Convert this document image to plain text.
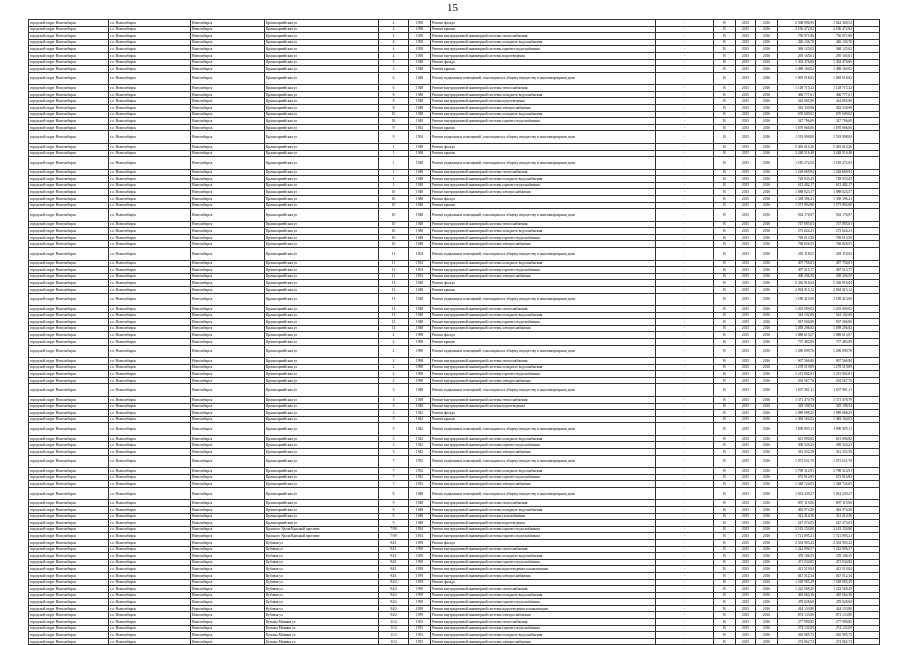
15
городской округ Новосибирск	г.о. Новосибирск	Новосибирск	Красноармейская ул	4	1958	Ремонт фасада	-	В	2015	2016	2 568 996,95	1 824 369,53	
городской округ Новосибирск	г.о. Новосибирск	Новосибирск	Красноармейская ул	4	1958	Ремонт крыши	-	В	2015	2016	2 106 472,02	2 106 472,02	
городской округ Новосибирск	г.о. Новосибирск	Новосибирск	Красноармейская ул	4	1958	Ремонт внутридомовой инженерной системы теплоснабжения	-	В	2015	2016	756 971,86	756 971,86	
городской округ Новосибирск	г.о. Новосибирск	Новосибирск	Красноармейская ул	4	1958	Ремонт внутридомовой инженерной системы холодного водоснабжения	-	В	2015	2016	426 136,76	426 136,76	
городской округ Новосибирск	г.о. Новосибирск	Новосибирск	Красноармейская ул	4	1958	Ремонт внутридомовой инженерной системы горячего водоснабжения	-	В	2015	2016	368 125,02	368 125,02	
городской округ Новосибирск	г.о. Новосибирск	Новосибирск	Красноармейская ул	4	1958	Ремонт внутридомовой инженерной системы водоотведения	-	В	2015	2016	295 165,61	295 165,61	
городской округ Новосибирск	г.о. Новосибирск	Новосибирск	Красноармейская ул	5	1948	Ремонт фасада	-	В	2015	2016	1 302 476,66	1 302 476,66	
городской округ Новосибирск	г.о. Новосибирск	Новосибирск	Красноармейская ул	5	1948	Ремонт крыши	-	В	2015	2016	1 488 164,02	1 488 164,02	
городской округ Новосибирск	г.о. Новосибирск	Новосибирск	Красноармейская ул	6	1948	Ремонт подвальных помещений, относящихся к общему имуществу в многоквартирном доме	-	В	2015	2016	1 065 518,02	1 065 518,02	
городской округ Новосибирск	г.о. Новосибирск	Новосибирск	Красноармейская ул	6	1948	Ремонт внутридомовой инженерной системы теплоснабжения	-	В	2015	2016	1 128 715,22	1 128 715,22	
городской округ Новосибирск	г.о. Новосибирск	Новосибирск	Красноармейская ул	8	1948	Ремонт внутридомовой инженерной системы холодного водоснабжения	-	В	2015	2016	466 777,61	466 777,61	
городской округ Новосибирск	г.о. Новосибирск	Новосибирск	Красноармейская ул	8	1948	Ремонт внутридомовой инженерной системы водоотведения	-	В	2015	2016	344 065,90	344 065,90	
городской округ Новосибирск	г.о. Новосибирск	Новосибирск	Красноармейская ул	8	1948	Ремонт внутридомовой инженерной системы электроснабжения	-	В	2015	2016	282 330,98	282 330,98	
городской округ Новосибирск	г.о. Новосибирск	Новосибирск	Красноармейская ул	10	1948	Ремонт внутридомовой инженерной системы холодного водоснабжения	-	В	2015	2016	670 609,02	670 609,02	
городской округ Новосибирск	г.о. Новосибирск	Новосибирск	Красноармейская ул	10	1948	Ремонт внутридомовой инженерной системы горячего водоснабжения	-	В	2015	2016	347 796,69	347 796,69	
городской округ Новосибирск	г.о. Новосибирск	Новосибирск	Красноармейская ул	9	1954	Ремонт крыши	-	В	2015	2016	1 670 066,00	1 670 066,00	
городской округ Новосибирск	г.о. Новосибирск	Новосибирск	Красноармейская ул	9	1954	Ремонт подвальных помещений, относящихся к общему имуществу в многоквартирном доме	-	В	2015	2016	1 519 998,00	1 519 998,00	
городской округ Новосибирск	г.о. Новосибирск	Новосибирск	Красноармейская ул	1	1948	Ремонт фасада	-	В	2015	2016	5 463 414,26	5 463 414,26	
городской округ Новосибирск	г.о. Новосибирск	Новосибирск	Красноармейская ул	1	1948	Ремонт крыши	-	В	2015	2016	3 248 516,48	3 248 516,48	
городской округ Новосибирск	г.о. Новосибирск	Новосибирск	Красноармейская ул	1	1948	Ремонт подвальных помещений, относящихся к общему имуществу в многоквартирном доме	-	В	2015	2016	1 185 272,03	1 185 272,03	
городской округ Новосибирск	г.о. Новосибирск	Новосибирск	Красноармейская ул	1	1948	Ремонт внутридомовой инженерной системы теплоснабжения	-	В	2015	2016	1 228 669,94	1 228 669,94	
городской округ Новосибирск	г.о. Новосибирск	Новосибирск	Красноармейская ул	1	1948	Ремонт внутридомовой инженерной системы холодного водоснабжения	-	В	2015	2016	728 033,45	728 033,45	
городской округ Новосибирск	г.о. Новосибирск	Новосибирск	Красноармейская ул	1	1948	Ремонт внутридомовой инженерной системы горячего водоснабжения	-	В	2015	2016	612 482,17	612 482,17	
городской округ Новосибирск	г.о. Новосибирск	Новосибирск	Красноармейская ул	10	1948	Ремонт внутридомовой инженерной системы электроснабжения	-	В	2015	2016	1 088 023,57	1 088 023,57	
городской округ Новосибирск	г.о. Новосибирск	Новосибирск	Красноармейская ул	10	1948	Ремонт фасада	-	В	2015	2016	1 338 396,21	1 338 396,21	
городской округ Новосибирск	г.о. Новосибирск	Новосибирск	Красноармейская ул	10	1948	Ремонт крыши	-	В	2015	2016	1 573 892,80	1 573 892,80	
городской округ Новосибирск	г.о. Новосибирск	Новосибирск	Красноармейская ул	10	1948	Ремонт подвальных помещений, относящихся к общему имуществу в многоквартирном доме	-	В	2015	2016	562 176,97	562 176,97	
городской округ Новосибирск	г.о. Новосибирск	Новосибирск	Красноармейская ул	10	1948	Ремонт внутридомовой инженерной системы теплоснабжения	-	В	2015	2016	747 085,61	747 085,61	
городской округ Новосибирск	г.о. Новосибирск	Новосибирск	Красноармейская ул	10	1948	Ремонт внутридомовой инженерной системы холодного водоснабжения	-	В	2015	2016	275 624,21	275 624,21	
городской округ Новосибирск	г.о. Новосибирск	Новосибирск	Красноармейская ул	10	1948	Ремонт внутридомовой инженерной системы горячего водоснабжения	-	В	2015	2016	769 013,50	769 013,50	
городской округ Новосибирск	г.о. Новосибирск	Новосибирск	Красноармейская ул	10	1948	Ремонт внутридомовой инженерной системы электроснабжения	-	В	2015	2016	768 826,55	768 826,55	
городской округ Новосибирск	г.о. Новосибирск	Новосибирск	Красноармейская ул	11	1954	Ремонт подвальных помещений, относящихся к общему имуществу в многоквартирном доме	-	В	2015	2016	281 118,02	281 118,02	
городской округ Новосибирск	г.о. Новосибирск	Новосибирск	Красноармейская ул	11	1954	Ремонт внутридомовой инженерной системы холодного водоснабжения	-	В	2015	2016	497 756,01	497 756,01	
городской округ Новосибирск	г.о. Новосибирск	Новосибирск	Красноармейская ул	11	1954	Ремонт внутридомовой инженерной системы горячего водоснабжения	-	В	2015	2016	497 315,77	497 315,77	
городской округ Новосибирск	г.о. Новосибирск	Новосибирск	Красноармейская ул	11	1954	Ремонт внутридомовой инженерной системы электроснабжения	-	В	2015	2016	308 206,50	308 206,50	
городской округ Новосибирск	г.о. Новосибирск	Новосибирск	Красноармейская ул	13	1948	Ремонт фасада	-	В	2015	2016	5 336 916,04	5 336 916,04	
городской округ Новосибирск	г.о. Новосибирск	Новосибирск	Красноармейская ул	13	1948	Ремонт крыши	-	В	2015	2016	2 962 415,12	2 962 415,12	
городской округ Новосибирск	г.о. Новосибирск	Новосибирск	Красноармейская ул	13	1948	Ремонт подвальных помещений, относящихся к общему имуществу в многоквартирном доме	-	В	2015	2016	1 189 413,69	1 189 413,69	
городской округ Новосибирск	г.о. Новосибирск	Новосибирск	Красноармейская ул	13	1948	Ремонт внутридомовой инженерной системы теплоснабжения	-	В	2015	2016	1 203 009,02	1 203 009,02	
городской округ Новосибирск	г.о. Новосибирск	Новосибирск	Красноармейская ул	13	1948	Ремонт внутридомовой инженерной системы холодного водоснабжения	-	В	2015	2016	544 102,66	544 102,66	
городской округ Новосибирск	г.о. Новосибирск	Новосибирск	Красноармейская ул	13	1948	Ремонт внутридомовой инженерной системы горячего водоснабжения	-	В	2015	2016	567 506,80	567 506,80	
городской округ Новосибирск	г.о. Новосибирск	Новосибирск	Красноармейская ул	13	1948	Ремонт внутридомовой инженерной системы электроснабжения	-	В	2015	2016	1 058 206,02	1 058 206,02	
городской округ Новосибирск	г.о. Новосибирск	Новосибирск	Красноармейская ул	2	1998	Ремонт фасада	-	В	2015	2016	1 888 613,07	1 888 613,07	
городской округ Новосибирск	г.о. Новосибирск	Новосибирск	Красноармейская ул	2	1998	Ремонт крыши	-	В	2015	2016	737 483,09	737 483,09	
городской округ Новосибирск	г.о. Новосибирск	Новосибирск	Красноармейская ул	2	1998	Ремонт подвальных помещений, относящихся к общему имуществу в многоквартирном доме	-	В	2015	2016	1 296 099,76	1 296 099,76	
городской округ Новосибирск	г.о. Новосибирск	Новосибирск	Красноармейская ул	2	1998	Ремонт внутридомовой инженерной системы теплоснабжения	-	В	2015	2016	907 566,80	907 566,80	
городской округ Новосибирск	г.о. Новосибирск	Новосибирск	Красноармейская ул	2	1998	Ремонт внутридомовой инженерной системы холодного водоснабжения	-	В	2015	2016	1 278 519,89	1 278 519,89	
городской округ Новосибирск	г.о. Новосибирск	Новосибирск	Красноармейская ул	2	1998	Ремонт внутридомовой инженерной системы горячего водоснабжения	-	В	2015	2016	1 215 902,81	1 215 902,81	
городской округ Новосибирск	г.о. Новосибирск	Новосибирск	Красноармейская ул	2	1998	Ремонт внутридомовой инженерной системы электроснабжения	-	В	2015	2016	294 567,76	294 567,76	
городской округ Новосибирск	г.о. Новосибирск	Новосибирск	Красноармейская ул	3	1948	Ремонт подвальных помещений, относящихся к общему имуществу в многоквартирном доме	-	В	2015	2016	1 037 961,11	1 037 961,11	
городской округ Новосибирск	г.о. Новосибирск	Новосибирск	Красноармейская ул	3	1948	Ремонт внутридомовой инженерной системы теплоснабжения	-	В	2015	2016	1 371 470,79	1 371 470,79	
городской округ Новосибирск	г.о. Новосибирск	Новосибирск	Красноармейская ул	3	1948	Ремонт внутридомовой инженерной системы водоотведения	-	В	2015	2016	329 198,54	329 198,54	
городской округ Новосибирск	г.о. Новосибирск	Новосибирск	Красноармейская ул	5	1942	Ремонт фасада	-	В	2015	2016	1 989 088,25	1 989 088,25	
городской округ Новосибирск	г.о. Новосибирск	Новосибирск	Красноармейская ул	5	1942	Ремонт крыши	-	В	2015	2016	1 482 164,02	1 482 164,02	
городской округ Новосибирск	г.о. Новосибирск	Новосибирск	Красноармейская ул	5	1942	Ремонт подвальных помещений, относящихся к общему имуществу в многоквартирном доме	-	В	2015	2016	1 899 905,11	1 899 905,11	
городской округ Новосибирск	г.о. Новосибирск	Новосибирск	Красноармейская ул	5	1942	Ремонт внутридомовой инженерной системы холодного водоснабжения	-	В	2015	2016	631 096,82	631 096,82	
городской округ Новосибирск	г.о. Новосибирск	Новосибирск	Красноармейская ул	5	1942	Ремонт внутридомовой инженерной системы горячего водоснабжения	-	В	2015	2016	308 524,23	308 524,23	
городской округ Новосибирск	г.о. Новосибирск	Новосибирск	Красноармейская ул	5	1942	Ремонт внутридомовой инженерной системы электроснабжения	-	В	2015	2016	341 352,58	341 352,58	
городской округ Новосибирск	г.о. Новосибирск	Новосибирск	Красноармейская ул	7	1952	Ремонт подвальных помещений, относящихся к общему имуществу в многоквартирном доме	-	В	2015	2016	1 072 631,70	1 072 631,70	
городской округ Новосибирск	г.о. Новосибирск	Новосибирск	Красноармейская ул	7	1952	Ремонт внутридомовой инженерной системы холодного водоснабжения	-	В	2015	2016	1 798 314,91	1 798 314,91	
городской округ Новосибирск	г.о. Новосибирск	Новосибирск	Красноармейская ул	7	1952	Ремонт внутридомовой инженерной системы горячего водоснабжения	-	В	2015	2016	673 914,83	673 914,83	
городской округ Новосибирск	г.о. Новосибирск	Новосибирск	Красноармейская ул	7	1952	Ремонт внутридомовой инженерной системы электроснабжения	-	В	2015	2016	1 348 724,05	1 348 724,05	
городской округ Новосибирск	г.о. Новосибирск	Новосибирск	Красноармейская ул	9	1948	Ремонт подвальных помещений, относящихся к общему имуществу в многоквартирном доме	-	В	2015	2016	1 034 239,27	1 034 239,27	
городской округ Новосибирск	г.о. Новосибирск	Новосибирск	Красноармейская ул	9	1948	Ремонт внутридомовой инженерной системы теплоснабжения	-	В	2015	2016	897 119,06	897 119,06	
городской округ Новосибирск	г.о. Новосибирск	Новосибирск	Красноармейская ул	9	1948	Ремонт внутридомовой инженерной системы холодного водоснабжения	-	В	2015	2016	463 974,30	463 974,30	
городской округ Новосибирск	г.о. Новосибирск	Новосибирск	Красноармейская ул	9	1948	Ремонт внутридомовой инженерной системы газоснабжения	-	В	2015	2016	321 414,36	321 414,36	
городской округ Новосибирск	г.о. Новосибирск	Новосибирск	Красноармейская ул	9	1948	Ремонт внутридомовой инженерной системы водоотведения	-	В	2015	2016	247 274,03	247 274,03	
городской округ Новосибирск	г.о. Новосибирск	Новосибирск	Красного Урала/Красный проспект	7/99	1954	Ремонт внутридомовой инженерной системы горячего водоснабжения	-	В	2015	2016	2 143 154,80	2 143 154,80	
городской округ Новосибирск	г.о. Новосибирск	Новосибирск	Красного Урала/Красный проспект	7/99	1954	Ремонт внутридомовой инженерной системы горячего водоснабжения	-	В	2015	2016	1 721 895,21	1 721 895,21	
городской округ Новосибирск	г.о. Новосибирск	Новосибирск	Кубовая ул	94/1	1959	Ремонт фасада	-	В	2015	2016	2 354 905,22	2 354 905,22	
городской округ Новосибирск	г.о. Новосибирск	Новосибирск	Кубовая ул	94/1	1959	Ремонт внутридомовой инженерной системы теплоснабжения	-	В	2015	2016	1 222 996,57	1 222 996,57	
городской округ Новосибирск	г.о. Новосибирск	Новосибирск	Кубовая ул	94/1	1959	Ремонт внутридомовой инженерной системы холодного водоснабжения	-	В	2015	2016	478 106,35	478 106,35	
городской округ Новосибирск	г.о. Новосибирск	Новосибирск	Кубовая ул	94/1	1959	Ремонт внутридомовой инженерной системы горячего водоснабжения	-	В	2015	2016	471 034,85	471 034,85	
городской округ Новосибирск	г.о. Новосибирск	Новосибирск	Кубовая ул	94/1	1959	Ремонт внутридомовой инженерной системы водоотведения и канализации	-	В	2015	2016	421 519,04	421 519,04	
городской округ Новосибирск	г.о. Новосибирск	Новосибирск	Кубовая ул	94/1	1959	Ремонт внутридомовой инженерной системы электроснабжения	-	В	2015	2016	847 512,34	847 512,34	
городской округ Новосибирск	г.о. Новосибирск	Новосибирск	Кубовая ул	94/2	1959	Ремонт фасада	-	В	2015	2016	1 528 995,29	1 528 995,29	
городской округ Новосибирск	г.о. Новосибирск	Новосибирск	Кубовая ул	94/2	1959	Ремонт внутридомовой инженерной системы теплоснабжения	-	В	2015	2016	1 222 568,45	1 222 568,45	
городской округ Новосибирск	г.о. Новосибирск	Новосибирск	Кубовая ул	94/2	1959	Ремонт внутридомовой инженерной системы холодного водоснабжения	-	В	2015	2016	465 664,36	465 664,36	
городской округ Новосибирск	г.о. Новосибирск	Новосибирск	Кубовая ул	94/2	1959	Ремонт внутридомовой инженерной системы горячего водоснабжения	-	В	2015	2016	478 028,69	478 028,69	
городской округ Новосибирск	г.о. Новосибирск	Новосибирск	Кубовая ул	94/2	1959	Ремонт внутридомовой инженерной системы водоотведения и канализации	-	В	2015	2016	424 133,80	424 133,80	
городской округ Новосибирск	г.о. Новосибирск	Новосибирск	Кубовая ул	94/2	1959	Ремонт внутридомовой инженерной системы электроснабжения	-	В	2015	2016	874 133,80	874 133,80	
городской округ Новосибирск	г.о. Новосибирск	Новосибирск	Кузьмы Минина ул	11/2	1953	Ремонт внутридомовой инженерной системы теплоснабжения	-	В	2015	2016	277 990,85	277 990,85	
городской округ Новосибирск	г.о. Новосибирск	Новосибирск	Кузьмы Минина ул	11/2	1953	Ремонт внутридомовой инженерной системы горячего водоснабжения	-	В	2015	2016	274 132,09	274 132,09	
городской округ Новосибирск	г.о. Новосибирск	Новосибирск	Кузьмы Минина ул	11/2	1953	Ремонт внутридомовой инженерной системы холодного водоснабжения	-	В	2015	2016	265 985,75	265 985,75	
городской округ Новосибирск	г.о. Новосибирск	Новосибирск	Кузьмы Минина ул	11/2	1953	Ремонт внутридомовой инженерной системы электроснабжения	-	В	2015	2016	274 062,72	274 062,72	
